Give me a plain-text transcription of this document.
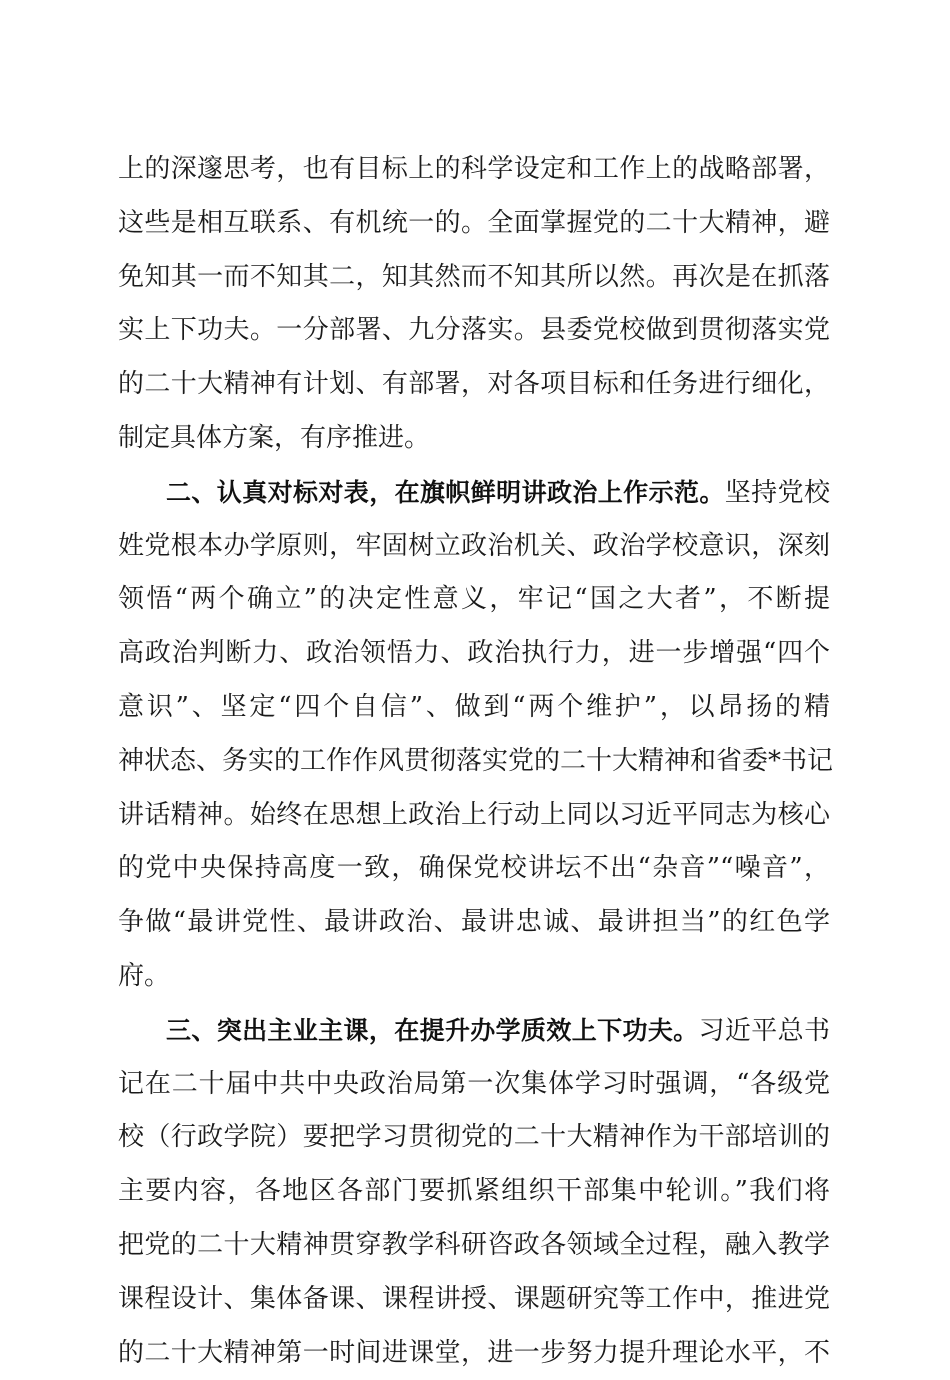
上的深邃思考，也有目标上的科学设定和工作上的战略部署，
这些是相互联系、有机统一的。全面掌握党的二十大精神，避
免知其一而不知其二，知其然而不知其所以然。再次是在抓落
实上下功夫。一分部署、九分落实。县委党校做到贯彻落实党
的二十大精神有计划、有部署，对各项目标和任务进行细化，
制定具体方案，有序推进。
二、认真对标对表，在旗帜鲜明讲政治上作示范。坚持党校
姓党根本办学原则，牢固树立政治机关、政治学校意识，深刻
领悟“两个确立”的决定性意义，牢记“国之大者”，不断提
高政治判断力、政治领悟力、政治执行力，进一步增强“四个
意识”、坚定“四个自信”、做到“两个维护”，以昂扬的精
神状态、务实的工作作风贯彻落实党的二十大精神和省委*书记
讲话精神。始终在思想上政治上行动上同以习近平同志为核心
的党中央保持高度一致，确保党校讲坛不出“杂音”“噪音”，
争做“最讲党性、最讲政治、最讲忠诚、最讲担当”的红色学
府。
三、突出主业主课，在提升办学质效上下功夫。习近平总书
记在二十届中共中央政治局第一次集体学习时强调，“各级党
校（行政学院）要把学习贯彻党的二十大精神作为干部培训的
主要内容，各地区各部门要抓紧组织干部集中轮训。”我们将
把党的二十大精神贯穿教学科研咨政各领域全过程，融入教学
课程设计、集体备课、课程讲授、课题研究等工作中，推进党
的二十大精神第一时间进课堂，进一步努力提升理论水平，不
